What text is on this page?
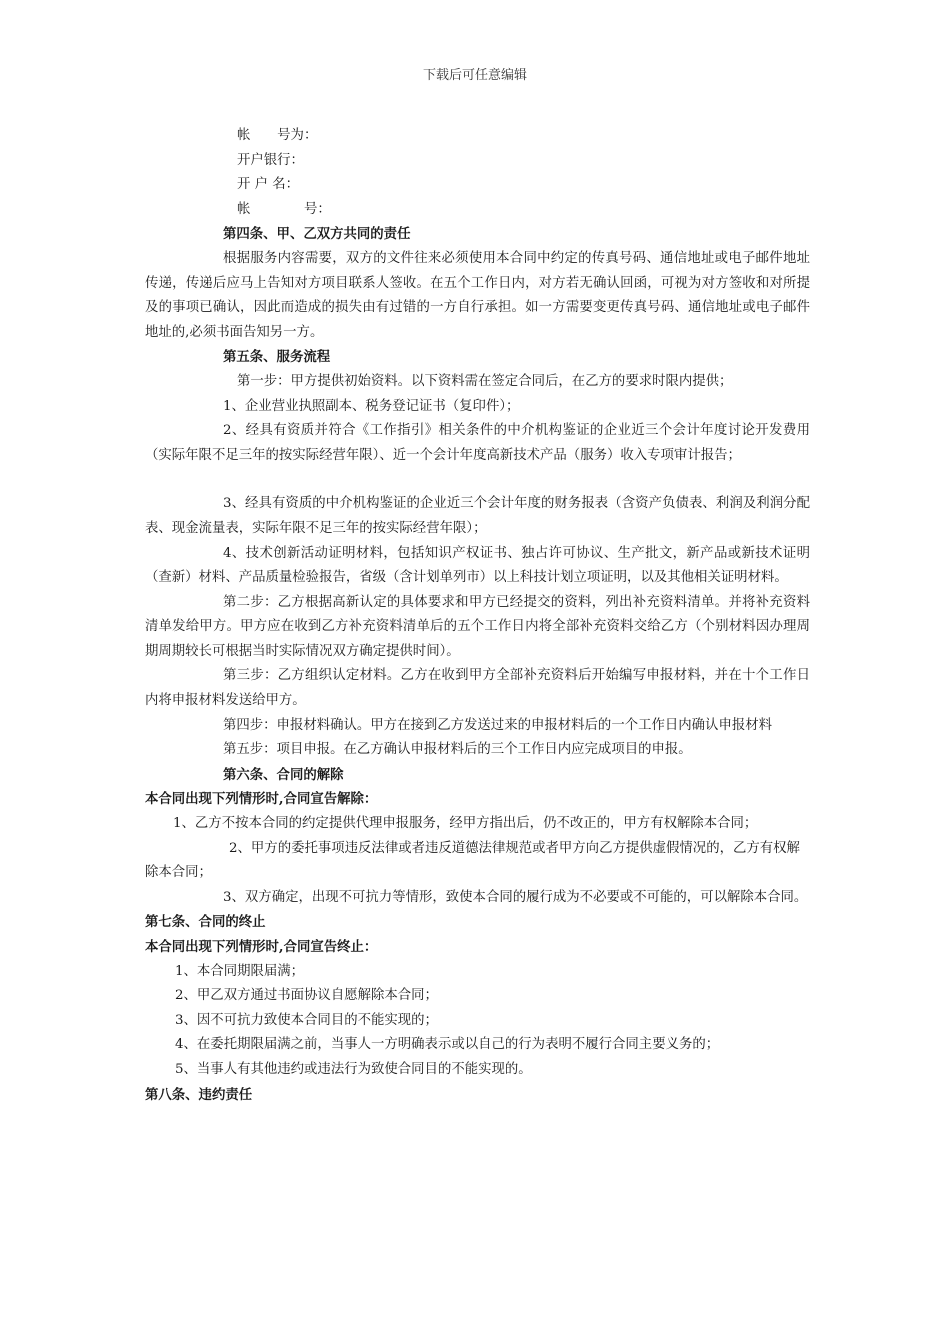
下载后可任意编辑

帐　　号为：

开户银行：

开 户 名：

帐　　　　号：

第四条、甲、乙双方共同的责任

根据服务内容需要，双方的文件往来必须使用本合同中约定的传真号码、通信地址或电子邮件地址传递，传递后应马上告知对方项目联系人签收。在五个工作日内，对方若无确认回函，可视为对方签收和对所提及的事项已确认，因此而造成的损失由有过错的一方自行承担。如一方需要变更传真号码、通信地址或电子邮件地址的,必须书面告知另一方。

第五条、服务流程

第一步：甲方提供初始资料。以下资料需在签定合同后，在乙方的要求时限内提供；

1、企业营业执照副本、税务登记证书（复印件）；

2、经具有资质并符合《工作指引》相关条件的中介机构鉴证的企业近三个会计年度讨论开发费用（实际年限不足三年的按实际经营年限）、近一个会计年度高新技术产品（服务）收入专项审计报告；

3、经具有资质的中介机构鉴证的企业近三个会计年度的财务报表（含资产负债表、利润及利润分配表、现金流量表，实际年限不足三年的按实际经营年限）；

4、技术创新活动证明材料，包括知识产权证书、独占许可协议、生产批文，新产品或新技术证明（查新）材料、产品质量检验报告，省级（含计划单列市）以上科技计划立项证明，以及其他相关证明材料。

第二步：乙方根据高新认定的具体要求和甲方已经提交的资料，列出补充资料清单。并将补充资料清单发给甲方。甲方应在收到乙方补充资料清单后的五个工作日内将全部补充资料交给乙方（个别材料因办理周期周期较长可根据当时实际情况双方确定提供时间）。

第三步：乙方组织认定材料。乙方在收到甲方全部补充资料后开始编写申报材料，并在十个工作日内将申报材料发送给甲方。

第四步：申报材料确认。甲方在接到乙方发送过来的申报材料后的一个工作日内确认申报材料

第五步：项目申报。在乙方确认申报材料后的三个工作日内应完成项目的申报。

第六条、合同的解除

本合同出现下列情形时,合同宣告解除：

1、乙方不按本合同的约定提供代理申报服务，经甲方指出后，仍不改正的，甲方有权解除本合同；

2、甲方的委托事项违反法律或者违反道德法律规范或者甲方向乙方提供虚假情况的，乙方有权解除本合同；

3、双方确定，出现不可抗力等情形，致使本合同的履行成为不必要或不可能的，可以解除本合同。

第七条、合同的终止

本合同出现下列情形时,合同宣告终止：

1、本合同期限届满；

2、甲乙双方通过书面协议自愿解除本合同；

3、因不可抗力致使本合同目的不能实现的；

4、在委托期限届满之前，当事人一方明确表示或以自己的行为表明不履行合同主要义务的；

5、当事人有其他违约或违法行为致使合同目的不能实现的。

第八条、违约责任
